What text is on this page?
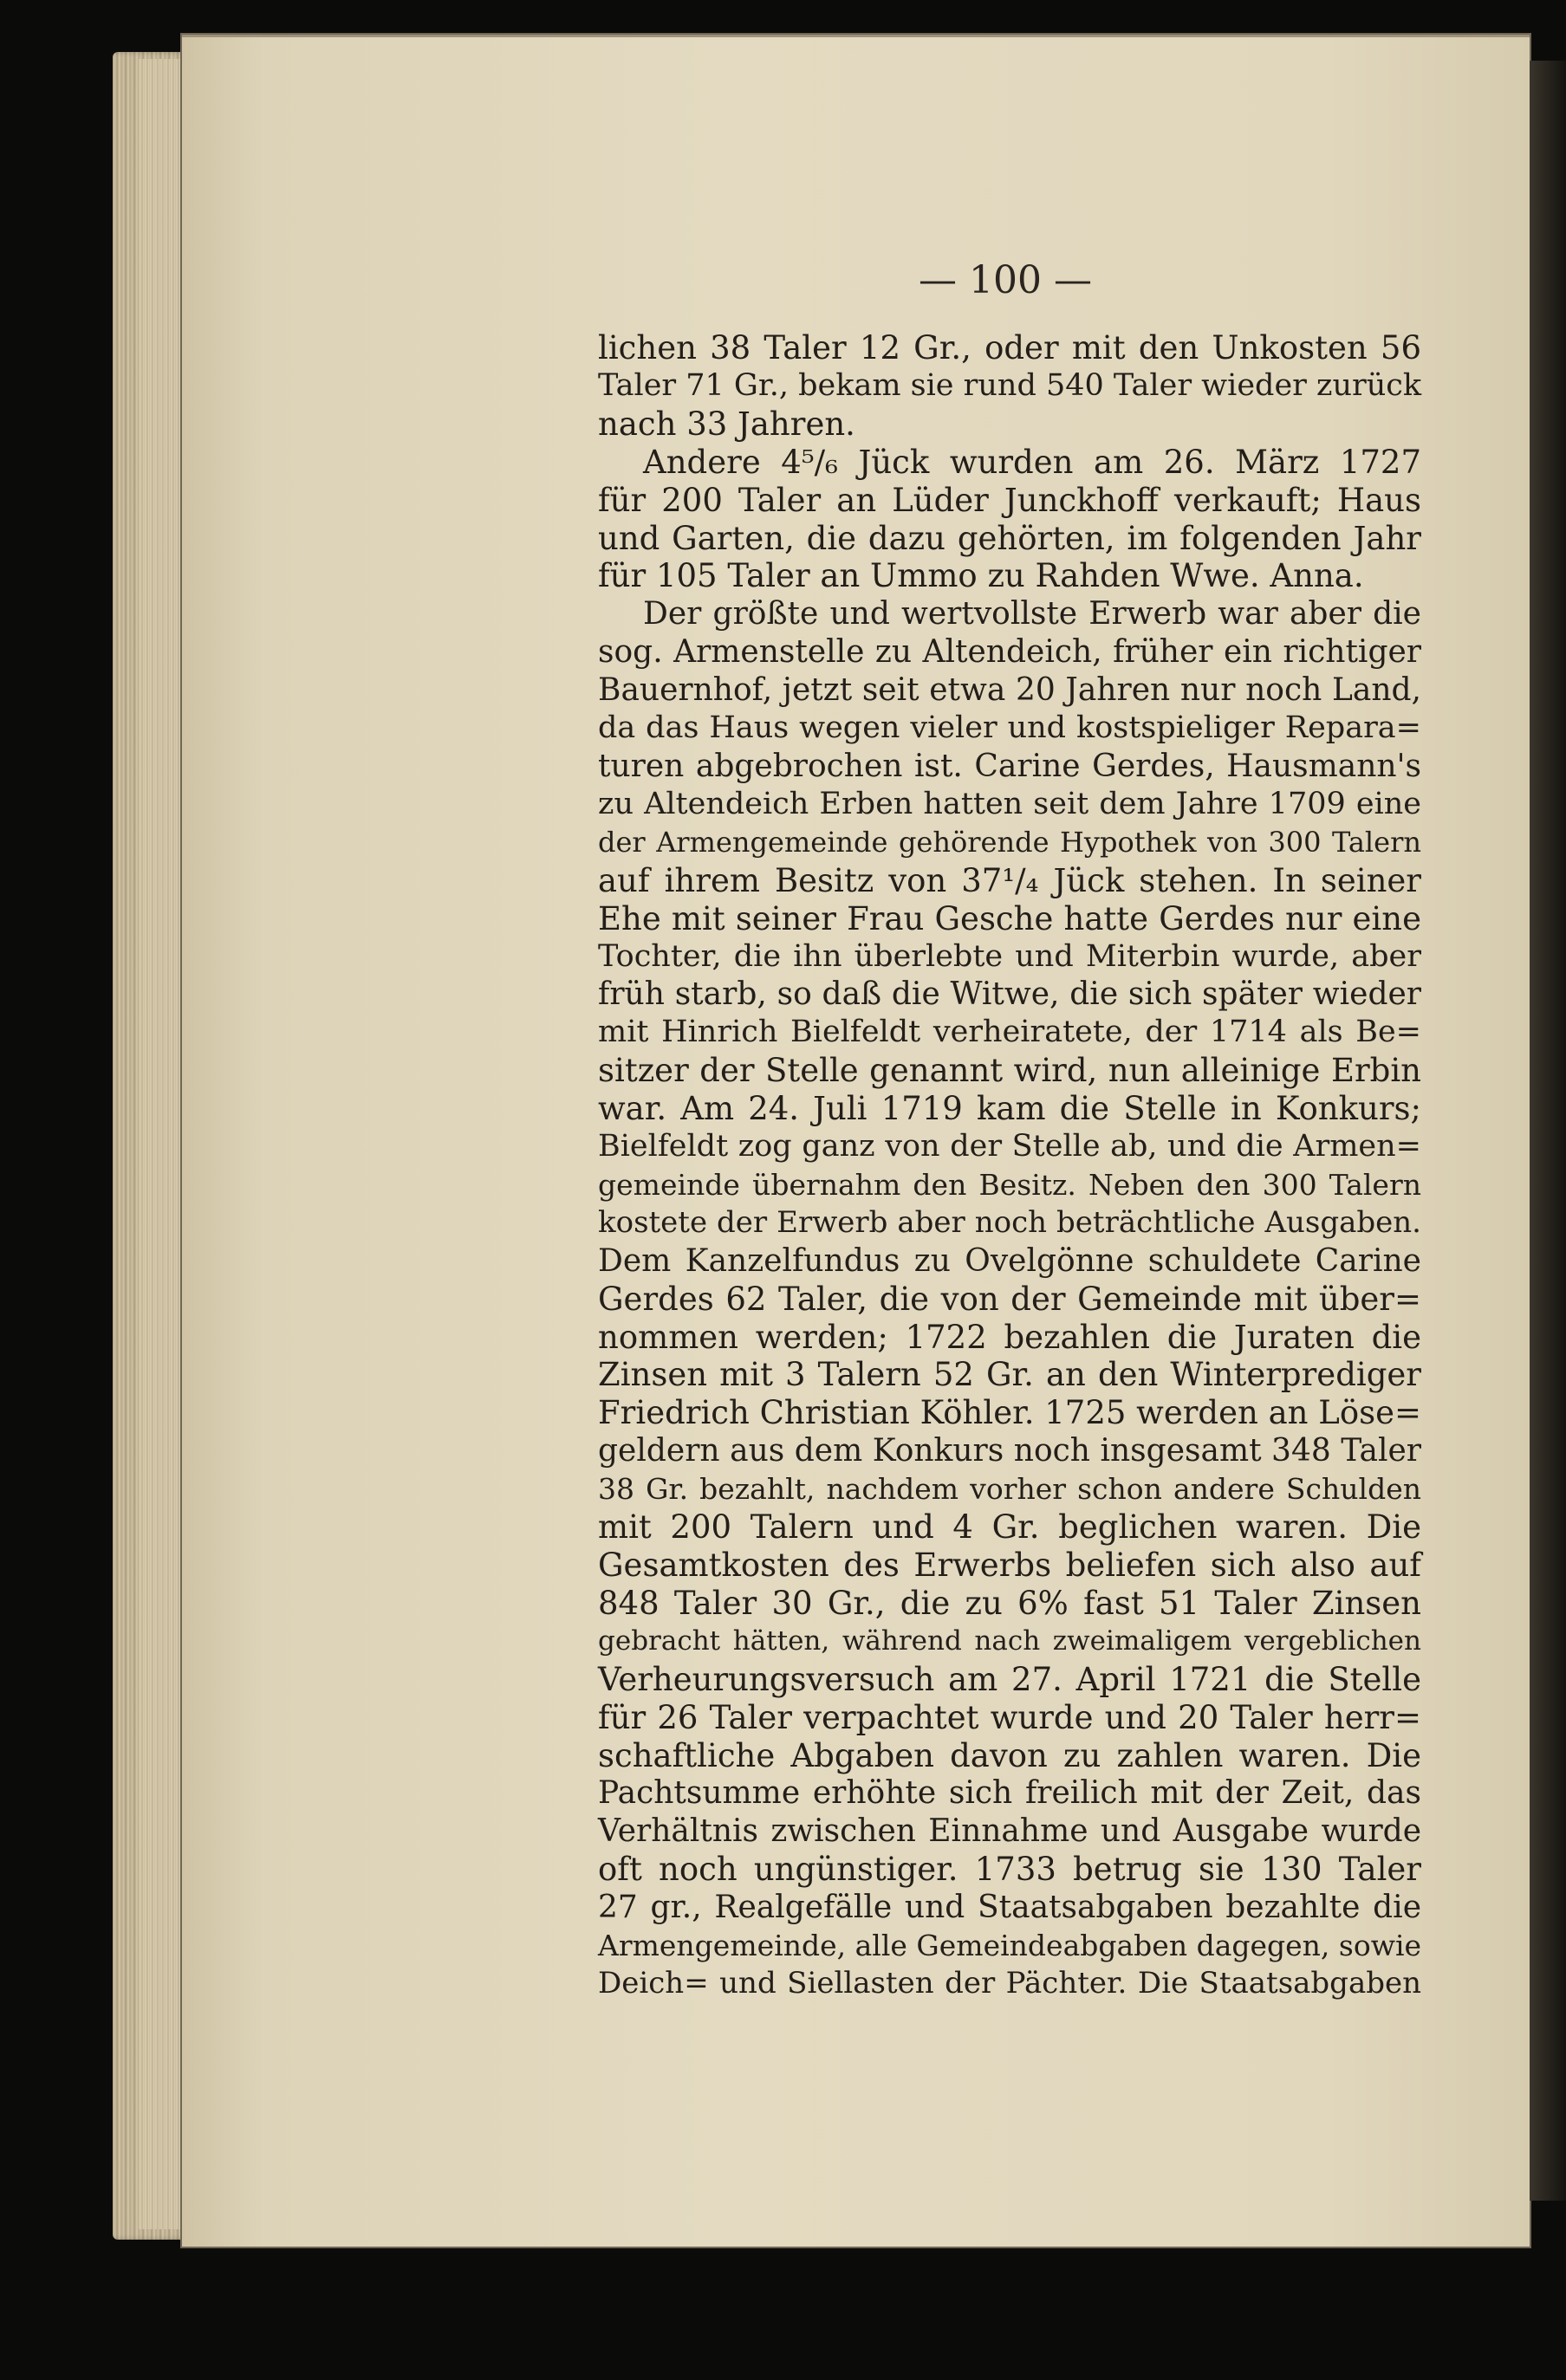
— 100 —
lichen 38 Taler 12 Gr., oder mit den Unkosten 56
Taler 71 Gr., bekam sie rund 540 Taler wieder zurück
nach 33 Jahren.
Andere 4⁵/₆ Jück wurden am 26. März 1727
für 200 Taler an Lüder Junckhoff verkauft; Haus
und Garten, die dazu gehörten, im folgenden Jahr
für 105 Taler an Ummo zu Rahden Wwe. Anna.
Der größte und wertvollste Erwerb war aber die
sog. Armenstelle zu Altendeich, früher ein richtiger
Bauernhof, jetzt seit etwa 20 Jahren nur noch Land,
da das Haus wegen vieler und kostspieliger Repara=
turen abgebrochen ist. Carine Gerdes, Hausmann's
zu Altendeich Erben hatten seit dem Jahre 1709 eine
der Armengemeinde gehörende Hypothek von 300 Talern
auf ihrem Besitz von 37¹/₄ Jück stehen. In seiner
Ehe mit seiner Frau Gesche hatte Gerdes nur eine
Tochter, die ihn überlebte und Miterbin wurde, aber
früh starb, so daß die Witwe, die sich später wieder
mit Hinrich Bielfeldt verheiratete, der 1714 als Be=
sitzer der Stelle genannt wird, nun alleinige Erbin
war. Am 24. Juli 1719 kam die Stelle in Konkurs;
Bielfeldt zog ganz von der Stelle ab, und die Armen=
gemeinde übernahm den Besitz. Neben den 300 Talern
kostete der Erwerb aber noch beträchtliche Ausgaben.
Dem Kanzelfundus zu Ovelgönne schuldete Carine
Gerdes 62 Taler, die von der Gemeinde mit über=
nommen werden; 1722 bezahlen die Juraten die
Zinsen mit 3 Talern 52 Gr. an den Winterprediger
Friedrich Christian Köhler. 1725 werden an Löse=
geldern aus dem Konkurs noch insgesamt 348 Taler
38 Gr. bezahlt, nachdem vorher schon andere Schulden
mit 200 Talern und 4 Gr. beglichen waren. Die
Gesamtkosten des Erwerbs beliefen sich also auf
848 Taler 30 Gr., die zu 6% fast 51 Taler Zinsen
gebracht hätten, während nach zweimaligem vergeblichen
Verheurungsversuch am 27. April 1721 die Stelle
für 26 Taler verpachtet wurde und 20 Taler herr=
schaftliche Abgaben davon zu zahlen waren. Die
Pachtsumme erhöhte sich freilich mit der Zeit, das
Verhältnis zwischen Einnahme und Ausgabe wurde
oft noch ungünstiger. 1733 betrug sie 130 Taler
27 gr., Realgefälle und Staatsabgaben bezahlte die
Armengemeinde, alle Gemeindeabgaben dagegen, sowie
Deich= und Siellasten der Pächter. Die Staatsabgaben
